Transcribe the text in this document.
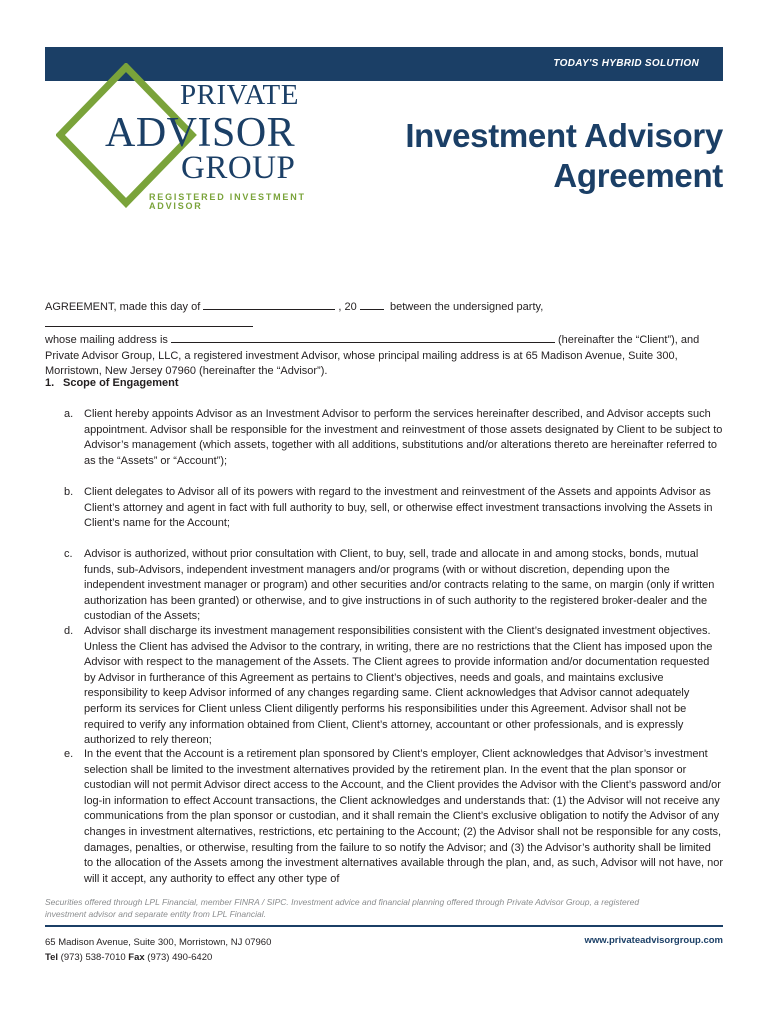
TODAY'S HYBRID SOLUTION
PRIVATE
ADVISOR
GROUP
REGISTERED INVESTMENT ADVISOR
Investment Advisory
Agreement
AGREEMENT, made this day of	, 20	between the undersigned party,
whose mailing address is	(hereinafter the “Client”), and Private Advisor Group, LLC, a registered investment Advisor, whose principal mailing address is at 65 Madison Avenue, Suite 300, Morristown, New Jersey 07960 (hereinafter the “Advisor”).
1. Scope of Engagement
a. Client hereby appoints Advisor as an Investment Advisor to perform the services hereinafter described, and Advisor accepts such appointment. Advisor shall be responsible for the investment and reinvestment of those assets designated by Client to be subject to Advisor’s management (which assets, together with all additions, substitutions and/or alterations thereto are hereinafter referred to as the “Assets” or “Account”);
b. Client delegates to Advisor all of its powers with regard to the investment and reinvestment of the Assets and appoints Advisor as Client’s attorney and agent in fact with full authority to buy, sell, or otherwise effect investment transactions involving the Assets in Client’s name for the Account;
c. Advisor is authorized, without prior consultation with Client, to buy, sell, trade and allocate in and among stocks, bonds, mutual funds, sub-Advisors, independent investment managers and/or programs (with or without discretion, depending upon the independent investment manager or program) and other securities and/or contracts relating to the same, on margin (only if written authorization has been granted) or otherwise, and to give instructions in of such authority to the registered broker-dealer and the custodian of the Assets;
d. Advisor shall discharge its investment management responsibilities consistent with the Client’s designated investment objectives. Unless the Client has advised the Advisor to the contrary, in writing, there are no restrictions that the Client has imposed upon the Advisor with respect to the management of the Assets. The Client agrees to provide information and/or documentation requested by Advisor in furtherance of this Agreement as pertains to Client’s objectives, needs and goals, and maintains exclusive responsibility to keep Advisor informed of any changes regarding same. Client acknowledges that Advisor cannot adequately perform its services for Client unless Client diligently performs his responsibilities under this Agreement. Advisor shall not be required to verify any information obtained from Client, Client’s attorney, accountant or other professionals, and is expressly authorized to rely thereon;
e. In the event that the Account is a retirement plan sponsored by Client’s employer, Client acknowledges that Advisor’s investment selection shall be limited to the investment alternatives provided by the retirement plan. In the event that the plan sponsor or custodian will not permit Advisor direct access to the Account, and the Client provides the Advisor with the Client’s password and/or log-in information to effect Account transactions, the Client acknowledges and understands that: (1) the Advisor will not receive any communications from the plan sponsor or custodian, and it shall remain the Client’s exclusive obligation to notify the Advisor of any changes in investment alternatives, restrictions, etc pertaining to the Account; (2) the Advisor shall not be responsible for any costs, damages, penalties, or otherwise, resulting from the failure to so notify the Advisor; and (3) the Advisor’s authority shall be limited to the allocation of the Assets among the investment alternatives available through the plan, and, as such, Advisor will not have, nor will it accept, any authority to effect any other type of
Securities offered through LPL Financial, member FINRA / SIPC. Investment advice and financial planning offered through Private Advisor Group, a registered investment advisor and separate entity from LPL Financial.
65 Madison Avenue, Suite 300, Morristown, NJ 07960
Tel (973) 538-7010 Fax (973) 490-6420
www.privateadvisorgroup.com
